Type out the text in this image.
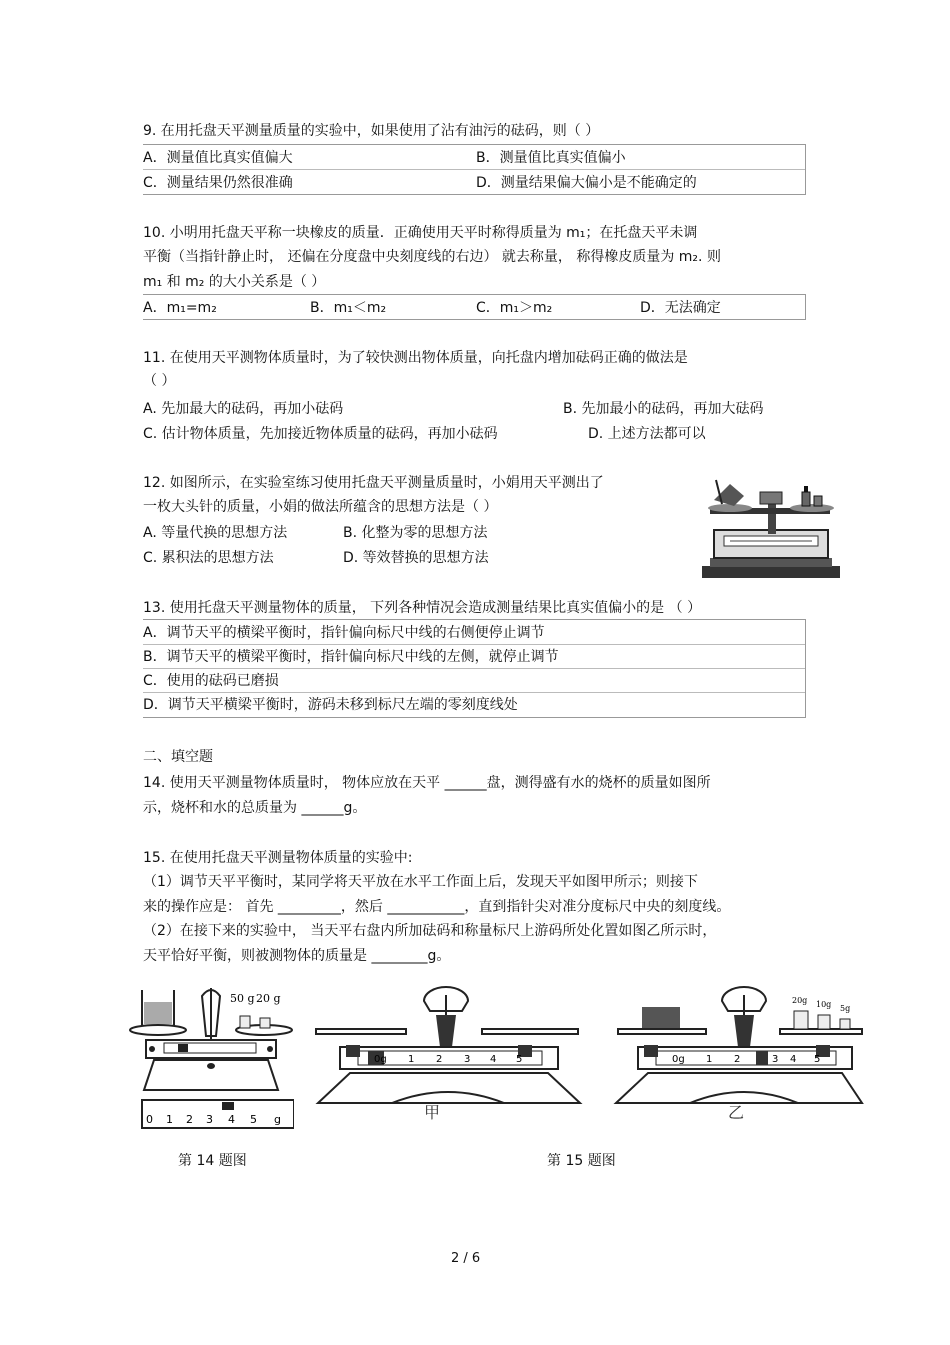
9. 在用托盘天平测量质量的实验中，如果使用了沾有油污的砝码，则（ ）
A．测量值比真实值偏大	B．测量值比真实值偏小
C．测量结果仍然很准确	D．测量结果偏大偏小是不能确定的
10. 小明用托盘天平称一块橡皮的质量．正确使用天平时称得质量为 m₁；在托盘天平未调
平衡（当指针静止时， 还偏在分度盘中央刻度线的右边） 就去称量， 称得橡皮质量为 m₂. 则
m₁ 和 m₂ 的大小关系是（ ）
A．m₁=m₂	B．m₁＜m₂	C．m₁＞m₂	D．无法确定
11. 在使用天平测物体质量时，为了较快测出物体质量，向托盘内增加砝码正确的做法是
（ ）
A. 先加最大的砝码，再加小砝码	B. 先加最小的砝码，再加大砝码
C. 估计物体质量，先加接近物体质量的砝码，再加小砝码	D. 上述方法都可以
12. 如图所示，在实验室练习使用托盘天平测量质量时，小娟用天平测出了
一枚大头针的质量，小娟的做法所蕴含的思想方法是（ ）
A. 等量代换的思想方法	B. 化整为零的思想方法
C. 累积法的思想方法	D. 等效替换的思想方法
13. 使用托盘天平测量物体的质量， 下列各种情况会造成测量结果比真实值偏小的是 （ ）
A．调节天平的横梁平衡时，指针偏向标尺中线的右侧便停止调节
B．调节天平的横梁平衡时，指针偏向标尺中线的左侧，就停止调节
C．使用的砝码已磨损
D．调节天平横梁平衡时，游码未移到标尺左端的零刻度线处
二、填空题
14. 使用天平测量物体质量时， 物体应放在天平 ______盘，测得盛有水的烧杯的质量如图所
示，烧杯和水的总质量为 ______g。
15. 在使用托盘天平测量物体质量的实验中:
（1）调节天平平衡时，某同学将天平放在水平工作面上后，发现天平如图甲所示；则接下
来的操作应是： 首先 _________，然后 ___________，直到指针尖对准分度标尺中央的刻度线。
（2）在接下来的实验中， 当天平右盘内所加砝码和称量标尺上游码所处化置如图乙所示时，
天平恰好平衡，则被测物体的质量是 ________g。
50 g 20 g
0 1 2 3 4 5 g
0g 1 2 3 4 5
甲
20g 10g 5g
0g 1 2	3 4 5
乙
第 14 题图	第 15 题图
2 / 6
